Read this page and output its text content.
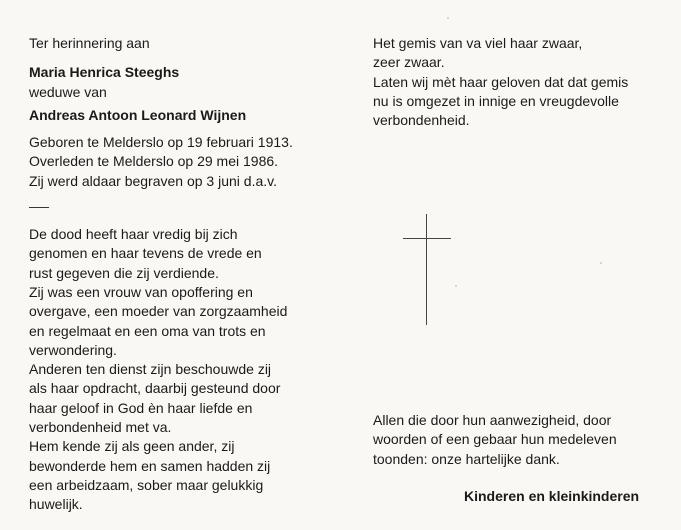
Ter herinnering aan
Maria Henrica Steeghs
weduwe van
Andreas Antoon Leonard Wijnen
Geboren te Melderslo op 19 februari 1913.
Overleden te Melderslo op 29 mei 1986.
Zij werd aldaar begraven op 3 juni d.a.v.
De dood heeft haar vredig bij zich
genomen en haar tevens de vrede en
rust gegeven die zij verdiende.
Zij was een vrouw van opoffering en
overgave, een moeder van zorgzaamheid
en regelmaat en een oma van trots en
verwondering.
Anderen ten dienst zijn beschouwde zij
als haar opdracht, daarbij gesteund door
haar geloof in God èn haar liefde en
verbondenheid met va.
Hem kende zij als geen ander, zij
bewonderde hem en samen hadden zij
een arbeidzaam, sober maar gelukkig
huwelijk.
Het gemis van va viel haar zwaar,
zeer zwaar.
Laten wij mèt haar geloven dat dat gemis
nu is omgezet in innige en vreugdevolle
verbondenheid.
Allen die door hun aanwezigheid, door
woorden of een gebaar hun medeleven
toonden: onze hartelijke dank.
Kinderen en kleinkinderen
